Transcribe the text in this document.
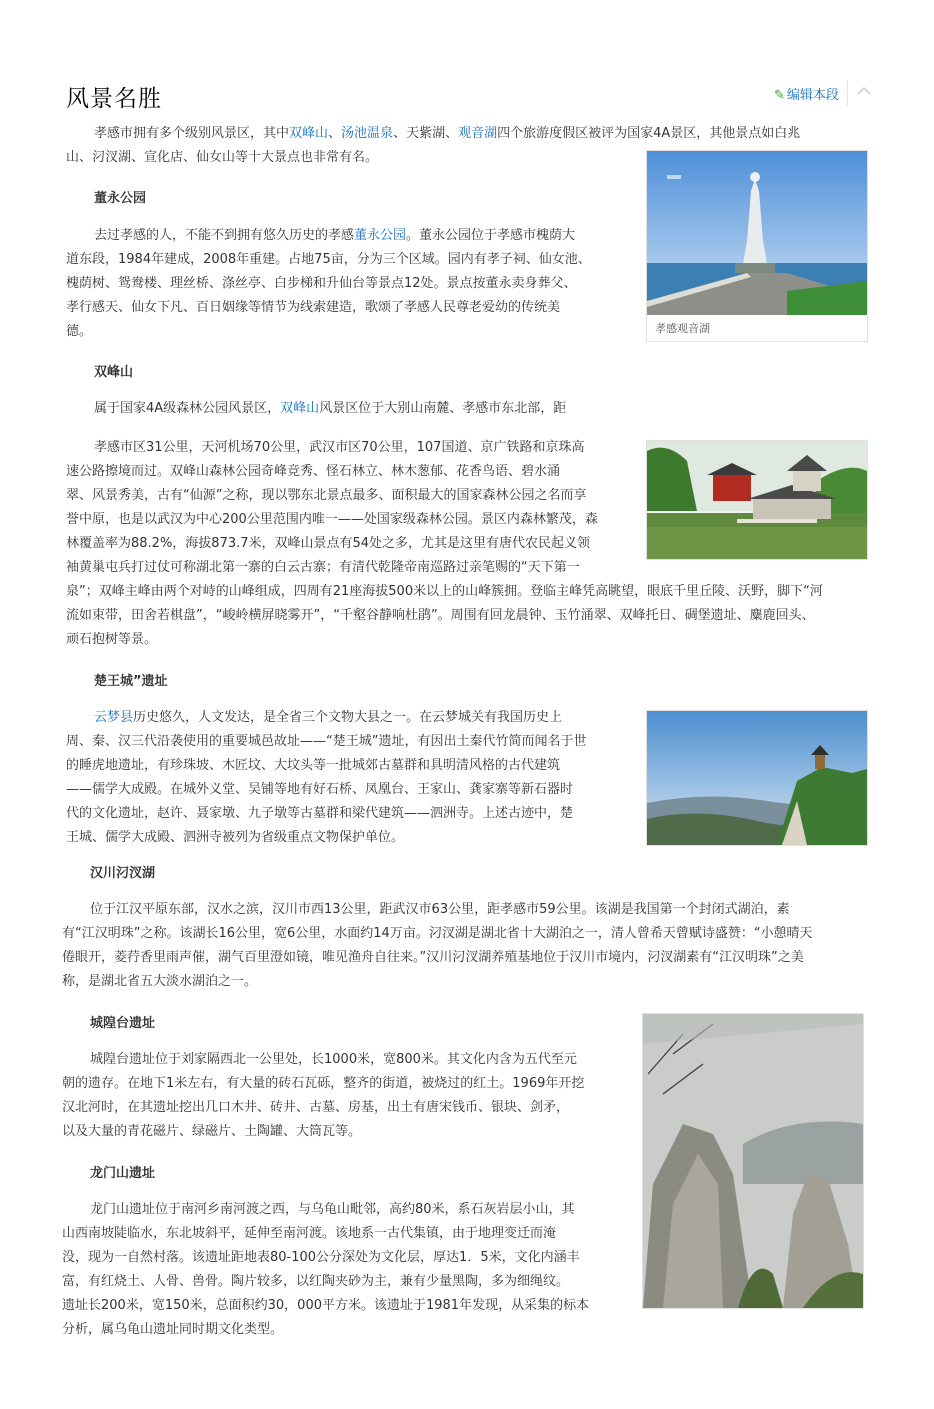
风景名胜	✎ 编辑本段

孝感市拥有多个级别风景区，其中双峰山、汤池温泉、天紫湖、观音湖四个旅游度假区被评为国家4A景区，其他景点如白兆

山、汈汊湖、宣化店、仙女山等十大景点也非常有名。

孝感观音湖
董永公园

去过孝感的人，不能不到拥有悠久历史的孝感董永公园。董永公园位于孝感市槐荫大

道东段，1984年建成，2008年重建。占地75亩，分为三个区域。园内有孝子祠、仙女池、

槐荫树、鸳鸯楼、理丝桥、涤丝亭、白步梯和升仙台等景点12处。景点按董永卖身葬父、

孝行感天、仙女下凡、百日姻缘等情节为线索建造，歌颂了孝感人民尊老爱幼的传统美

德。

双峰山

属于国家4A级森林公园风景区，双峰山风景区位于大别山南麓、孝感市东北部，距

孝感市区31公里，天河机场70公里，武汉市区70公里，107国道、京广铁路和京珠高

速公路擦境而过。双峰山森林公园奇峰竞秀、怪石林立、林木葱郁、花香鸟语、碧水涌

翠、风景秀美，古有“仙源”之称，现以鄂东北景点最多、面积最大的国家森林公园之名而享

誉中原，也是以武汉为中心200公里范围内唯一——处国家级森林公园。景区内森林繁茂，森

林覆盖率为88.2%，海拔873.7米，双峰山景点有54处之多，尤其是这里有唐代农民起义领

袖黄巢屯兵打过仗可称湖北第一寨的白云古寨；有清代乾隆帝南巡路过亲笔赐的“天下第一

泉”；双峰主峰由两个对峙的山峰组成，四周有21座海拔500米以上的山峰簇拥。登临主峰凭高眺望，眼底千里丘陵、沃野，脚下“河

流如束带，田舍若棋盘”，“峻岭横屏晓雾开”，“千壑谷静响杜鹃”。周围有回龙晨钟、玉竹涌翠、双峰托日、碉堡遗址、麋鹿回头、

顽石抱树等景。

楚王城”遗址

云梦县历史悠久，人文发达，是全省三个文物大县之一。在云梦城关有我国历史上

周、秦、汉三代沿袭使用的重要城邑故址——“楚王城”遗址，有因出土秦代竹简而闻名于世

的睡虎地遗址，有珍珠坡、木匠坟、大坟头等一批城郊古墓群和具明清风格的古代建筑

——儒学大成殿。在城外义堂、吴铺等地有好石桥、凤凰台、王家山、龚家寨等新石器时

代的文化遗址，赵许、聂家墩、九子墩等古墓群和梁代建筑——泗洲寺。上述古迹中，楚

王城、儒学大成殿、泗洲寺被列为省级重点文物保护单位。

汉川汈汊湖

位于江汉平原东部，汉水之滨，汉川市西13公里，距武汉市63公里，距孝感市59公里。该湖是我国第一个封闭式湖泊，素

有“江汉明珠”之称。该湖长16公里，宽6公里，水面约14万亩。汈汊湖是湖北省十大湖泊之一，清人曾希天曾赋诗盛赞：“小憩晴天

倦眼开，菱荇香里雨声催，湖气百里澄如镜，唯见渔舟自往来。”汉川汈汊湖养殖基地位于汉川市境内，汈汊湖素有“江汉明珠”之美

称，是湖北省五大淡水湖泊之一。

城隍台遗址

城隍台遗址位于刘家隔西北一公里处，长1000米，宽800米。其文化内含为五代至元

朝的遗存。在地下1米左右，有大量的砖石瓦砾，整齐的街道，被烧过的红土。1969年开挖

汉北河时，在其遗址挖出几口木井、砖井、古墓、房基，出土有唐宋钱币、银块、剑矛，

以及大量的青花磁片、绿磁片、土陶罐、大筒瓦等。

龙门山遗址

龙门山遗址位于南河乡南河渡之西，与乌龟山毗邻，高约80米，系石灰岩层小山，其

山西南坡陡临水，东北坡斜平，延伸至南河渡。该地系一古代集镇，由于地理变迁而淹

没，现为一自然村落。该遗址距地表80-100公分深处为文化层，厚达1．5米，文化内涵丰

富，有红烧土、人骨、兽骨。陶片较多，以红陶夹砂为主，兼有少量黑陶，多为细绳纹。

遗址长200米，宽150米，总面积约30，000平方米。该遗址于1981年发现，从采集的标本

分析，属乌龟山遗址同时期文化类型。
